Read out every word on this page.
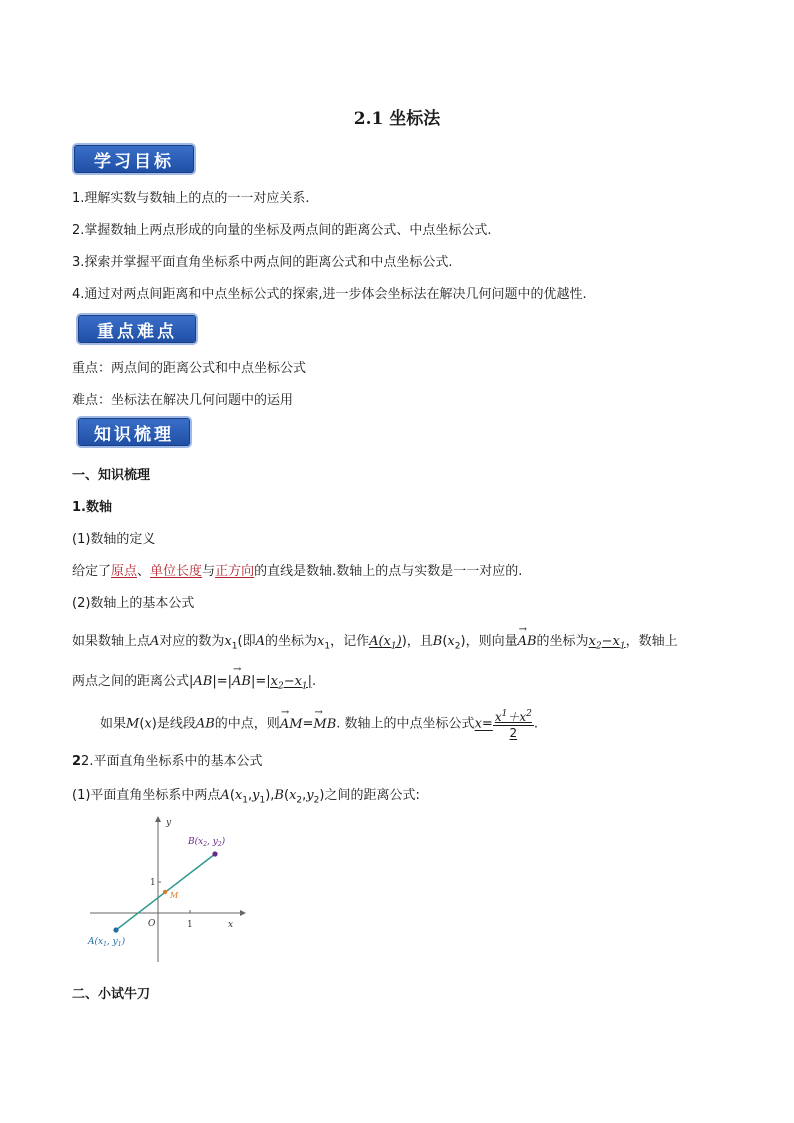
2.1 坐标法
学习目标
1.理解实数与数轴上的点的一一对应关系.
2.掌握数轴上两点形成的向量的坐标及两点间的距离公式、中点坐标公式.
3.探索并掌握平面直角坐标系中两点间的距离公式和中点坐标公式.
4.通过对两点间距离和中点坐标公式的探索,进一步体会坐标法在解决几何问题中的优越性.
重点难点
重点：两点间的距离公式和中点坐标公式
难点：坐标法在解决几何问题中的运用
知识梳理
一、知识梳理
1.数轴
(1)数轴的定义
给定了原点、单位长度与正方向的直线是数轴.数轴上的点与实数是一一对应的.
(2)数轴上的基本公式
如果数轴上点A对应的数为$x_1$(即A的坐标为$x_1$，记作$A(x_1)$)，且$B(x_2)$，则向量→ AB的坐标为$x_2-x_1$，数轴上
两点之间的距离公式$|AB|=|\to AB|=|x_2-x_1|$.
如果M(x)是线段AB的中点，则→ AM=→ MB. 数轴上的中点坐标公式$x= \frac{x^1+x^2}{2}$ .
22.平面直角坐标系中的基本公式
(1)平面直角坐标系中两点$A(x_1,y_1),B(x_2,y_2)$之间的距离公式:
y
x
O	1
1
M
$B(x_2$, $y_2$)
$A(x_1$, $y_1$)
二、小试牛刀
